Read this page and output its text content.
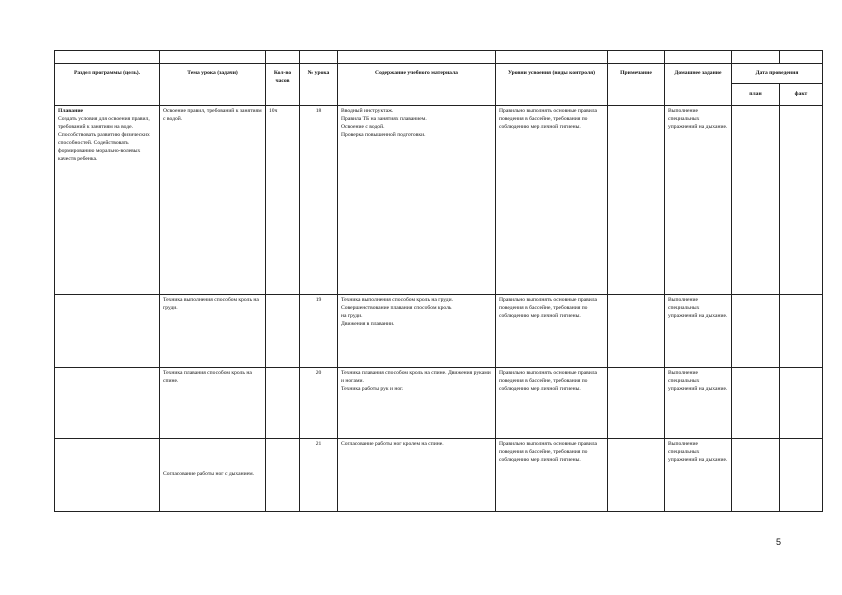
Раздел программы (цель).	Тема урока (задачи)	Кол-во часов	№ урока	Содержание учебного материала	Уровни усвоения (виды контроля)	Примечание	Домашнее задание	Дата проведения	
								план	факт

Плавание
Создать условия для освоения правил, требований к занятиям на воде. Способствовать развитию физических способностей. Содействовать формированию морально-волевых качеств ребенка.	Освоение правил, требований к занятиям с водой.	10ч	18	Вводный инструктаж.
Правила ТБ на занятиях плаванием.
Освоение с водой.
Проверка повышенной подготовки.	Правильно выполнять основные правила поведения в бассейне, требования по соблюдению мер личной гигиены.		Выполнение специальных упражнений на дыхание.		
	Техника выполнения способом кроль на груди.		19	Техника выполнения способом кроль на груди. Совершенствование плавания способом кроль
на груди.
Движения в плавании.	Правильно выполнять основные правила поведения в бассейне, требования по соблюдению мер личной гигиены.		Выполнение специальных упражнений на дыхание.		
	Техника плавания способом кроль на спине.		20	Техника плавания способом кроль на спине. Движения руками и ногами.
Техника работы рук и ног.	Правильно выполнять основные правила поведения в бассейне, требования по соблюдению мер личной гигиены.		Выполнение специальных упражнений на дыхание.		
	Согласование работы ног с дыханием.		21	Согласование работы ног кролем на спине.	Правильно выполнять основные правила поведения в бассейне, требования по соблюдению мер личной гигиены.		Выполнение специальных упражнений на дыхание.		
5
